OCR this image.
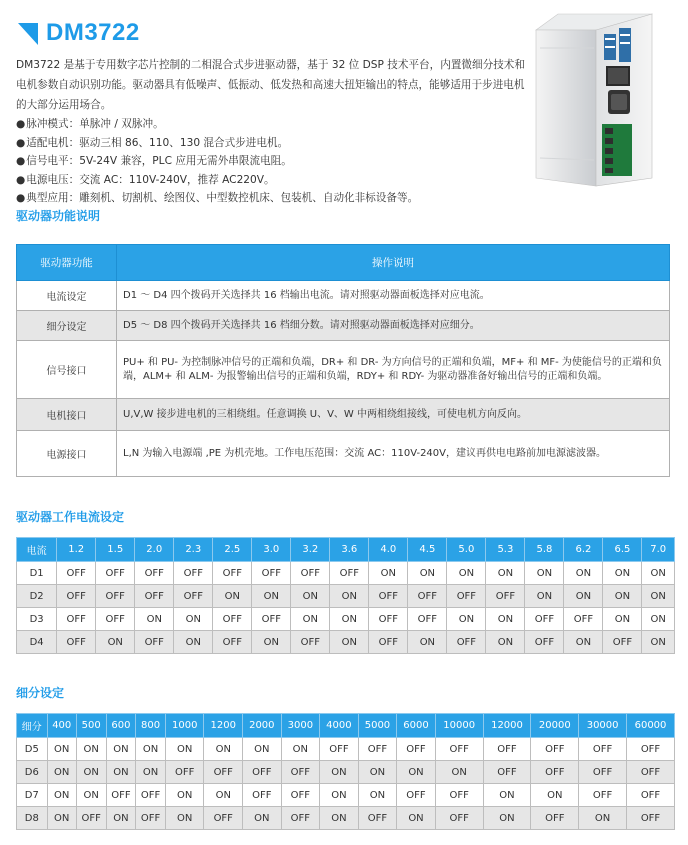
DM3722

DM3722 是基于专用数字芯片控制的二相混合式步进驱动器，基于 32 位 DSP 技术平台，内置微细分技术和电机参数自动识别功能。驱动器具有低噪声、低振动、低发热和高速大扭矩输出的特点，能够适用于步进电机的大部分运用场合。

●脉冲模式：单脉冲 / 双脉冲。
●适配电机：驱动三相 86、110、130 混合式步进电机。
●信号电平：5V-24V 兼容，PLC 应用无需外串限流电阻。
●电源电压：交流 AC：110V-240V，推荐 AC220V。
●典型应用：雕刻机、切割机、绘图仪、中型数控机床、包装机、自动化非标设备等。
驱动器功能说明
驱动器功能	操作说明
电流设定	D1 ～ D4 四个拨码开关选择共 16 档输出电流。请对照驱动器面板选择对应电流。
细分设定	D5 ～ D8 四个拨码开关选择共 16 档细分数。请对照驱动器面板选择对应细分。
信号接口	PU+ 和 PU- 为控制脉冲信号的正端和负端，DR+ 和 DR- 为方向信号的正端和负端，MF+ 和 MF- 为使能信号的正端和负端，ALM+ 和 ALM- 为报警输出信号的正端和负端，RDY+ 和 RDY- 为驱动器准备好输出信号的正端和负端。
电机接口	U,V,W 接步进电机的三相绕组。任意调换 U、V、W 中两相绕组接线，可使电机方向反向。
电源接口	L,N 为输入电源端 ,PE 为机壳地。工作电压范围：交流 AC：110V-240V，建议再供电电路前加电源滤波器。
驱动器工作电流设定
电流	1.2	1.5	2.0	2.3	2.5	3.0	3.2	3.6	4.0	4.5	5.0	5.3	5.8	6.2	6.5	7.0
D1	OFF	OFF	OFF	OFF	OFF	OFF	OFF	OFF	ON	ON	ON	ON	ON	ON	ON	ON
D2	OFF	OFF	OFF	OFF	ON	ON	ON	ON	OFF	OFF	OFF	OFF	ON	ON	ON	ON
D3	OFF	OFF	ON	ON	OFF	OFF	ON	ON	OFF	OFF	ON	ON	OFF	OFF	ON	ON
D4	OFF	ON	OFF	ON	OFF	ON	OFF	ON	OFF	ON	OFF	ON	OFF	ON	OFF	ON
细分设定
细分	400	500	600	800	1000	1200	2000	3000	4000	5000	6000	10000	12000	20000	30000	60000
D5	ON	ON	ON	ON	ON	ON	ON	ON	OFF	OFF	OFF	OFF	OFF	OFF	OFF	OFF
D6	ON	ON	ON	ON	OFF	OFF	OFF	OFF	ON	ON	ON	ON	OFF	OFF	OFF	OFF
D7	ON	ON	OFF	OFF	ON	ON	OFF	OFF	ON	ON	OFF	OFF	ON	ON	OFF	OFF
D8	ON	OFF	ON	OFF	ON	OFF	ON	OFF	ON	OFF	ON	OFF	ON	OFF	ON	OFF
